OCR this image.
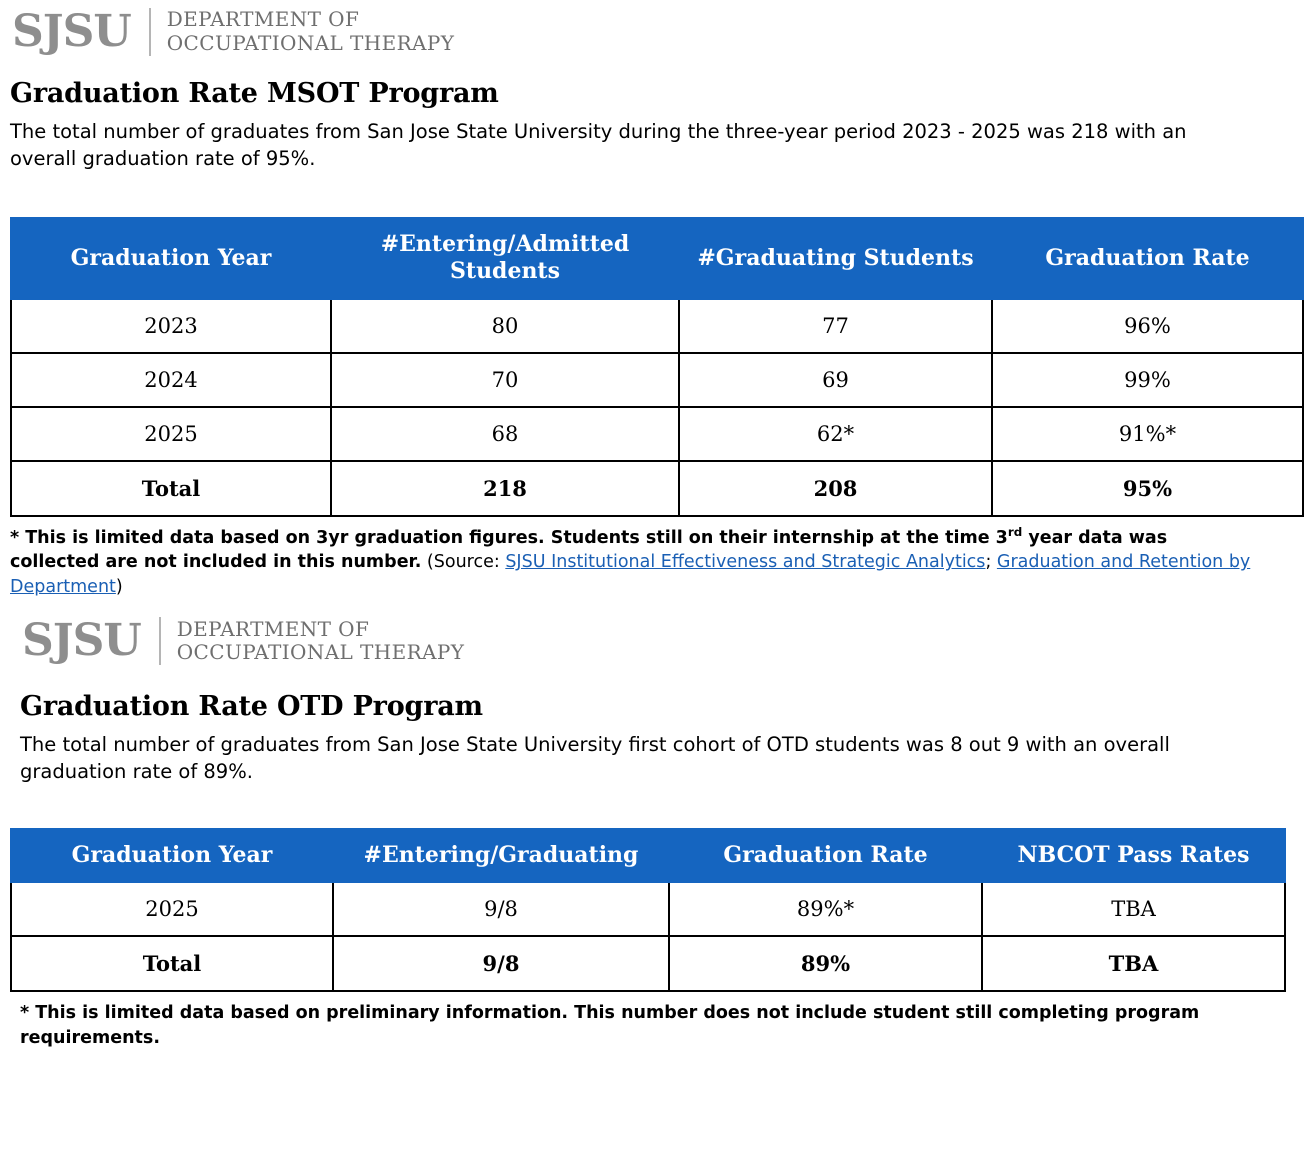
SJSU DEPARTMENT OF
OCCUPATIONAL THERAPY
Graduation Rate MSOT Program

The total number of graduates from San Jose State University during the three-year period 2023 - 2025 was 218 with an overall graduation rate of 95%.

Graduation Year	#Entering/Admitted Students	#Graduating Students	Graduation Rate
2023	80	77	96%
2024	70	69	99%
2025	68	62*	91%*
Total	218	208	95%

* This is limited data based on 3yr graduation figures. Students still on their internship at the time 3rd year data was collected are not included in this number. (Source: SJSU Institutional Effectiveness and Strategic Analytics; Graduation and Retention by Department)

SJSU DEPARTMENT OF
OCCUPATIONAL THERAPY
Graduation Rate OTD Program

The total number of graduates from San Jose State University first cohort of OTD students was 8 out 9 with an overall graduation rate of 89%.

Graduation Year	#Entering/Graduating	Graduation Rate	NBCOT Pass Rates
2025	9/8	89%*	TBA
Total	9/8	89%	TBA

* This is limited data based on preliminary information. This number does not include student still completing program requirements.
